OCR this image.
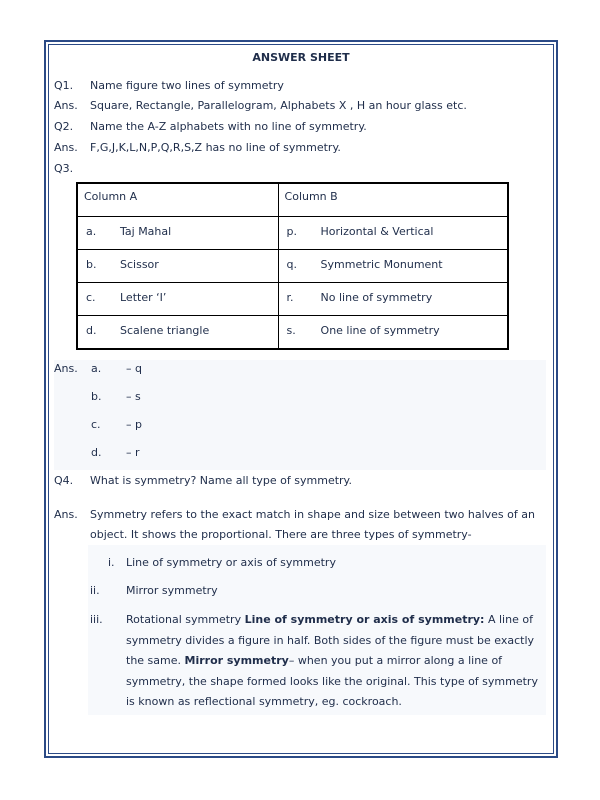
ANSWER SHEET
Q1. Name figure two lines of symmetry
Ans. Square, Rectangle, Parallelogram, Alphabets X , H an hour glass etc.
Q2. Name the A-Z alphabets with no line of symmetry.
Ans. F,G,J,K,L,N,P,Q,R,S,Z has no line of symmetry.
Q3.
Column A	Column B

a. Taj Mahal	p. Horizontal & Vertical

b. Scissor	q. Symmetric Monument

c. Letter ‘I’	r. No line of symmetry

d. Scalene triangle	s. One line of symmetry
Ans. a. – q
b. – s
c. – p
d. – r
Q4. What is symmetry? Name all type of symmetry.
Ans. Symmetry refers to the exact match in shape and size between two halves of an
object. It shows the proportional. There are three types of symmetry-
i. Line of symmetry or axis of symmetry
ii. Mirror symmetry
iii. Rotational symmetry Line of symmetry or axis of symmetry: A line of symmetry divides a figure in half. Both sides of the figure must be exactly the same. Mirror symmetry– when you put a mirror along a line of symmetry, the shape formed looks like the original. This type of symmetry is known as reflectional symmetry, eg. cockroach.
